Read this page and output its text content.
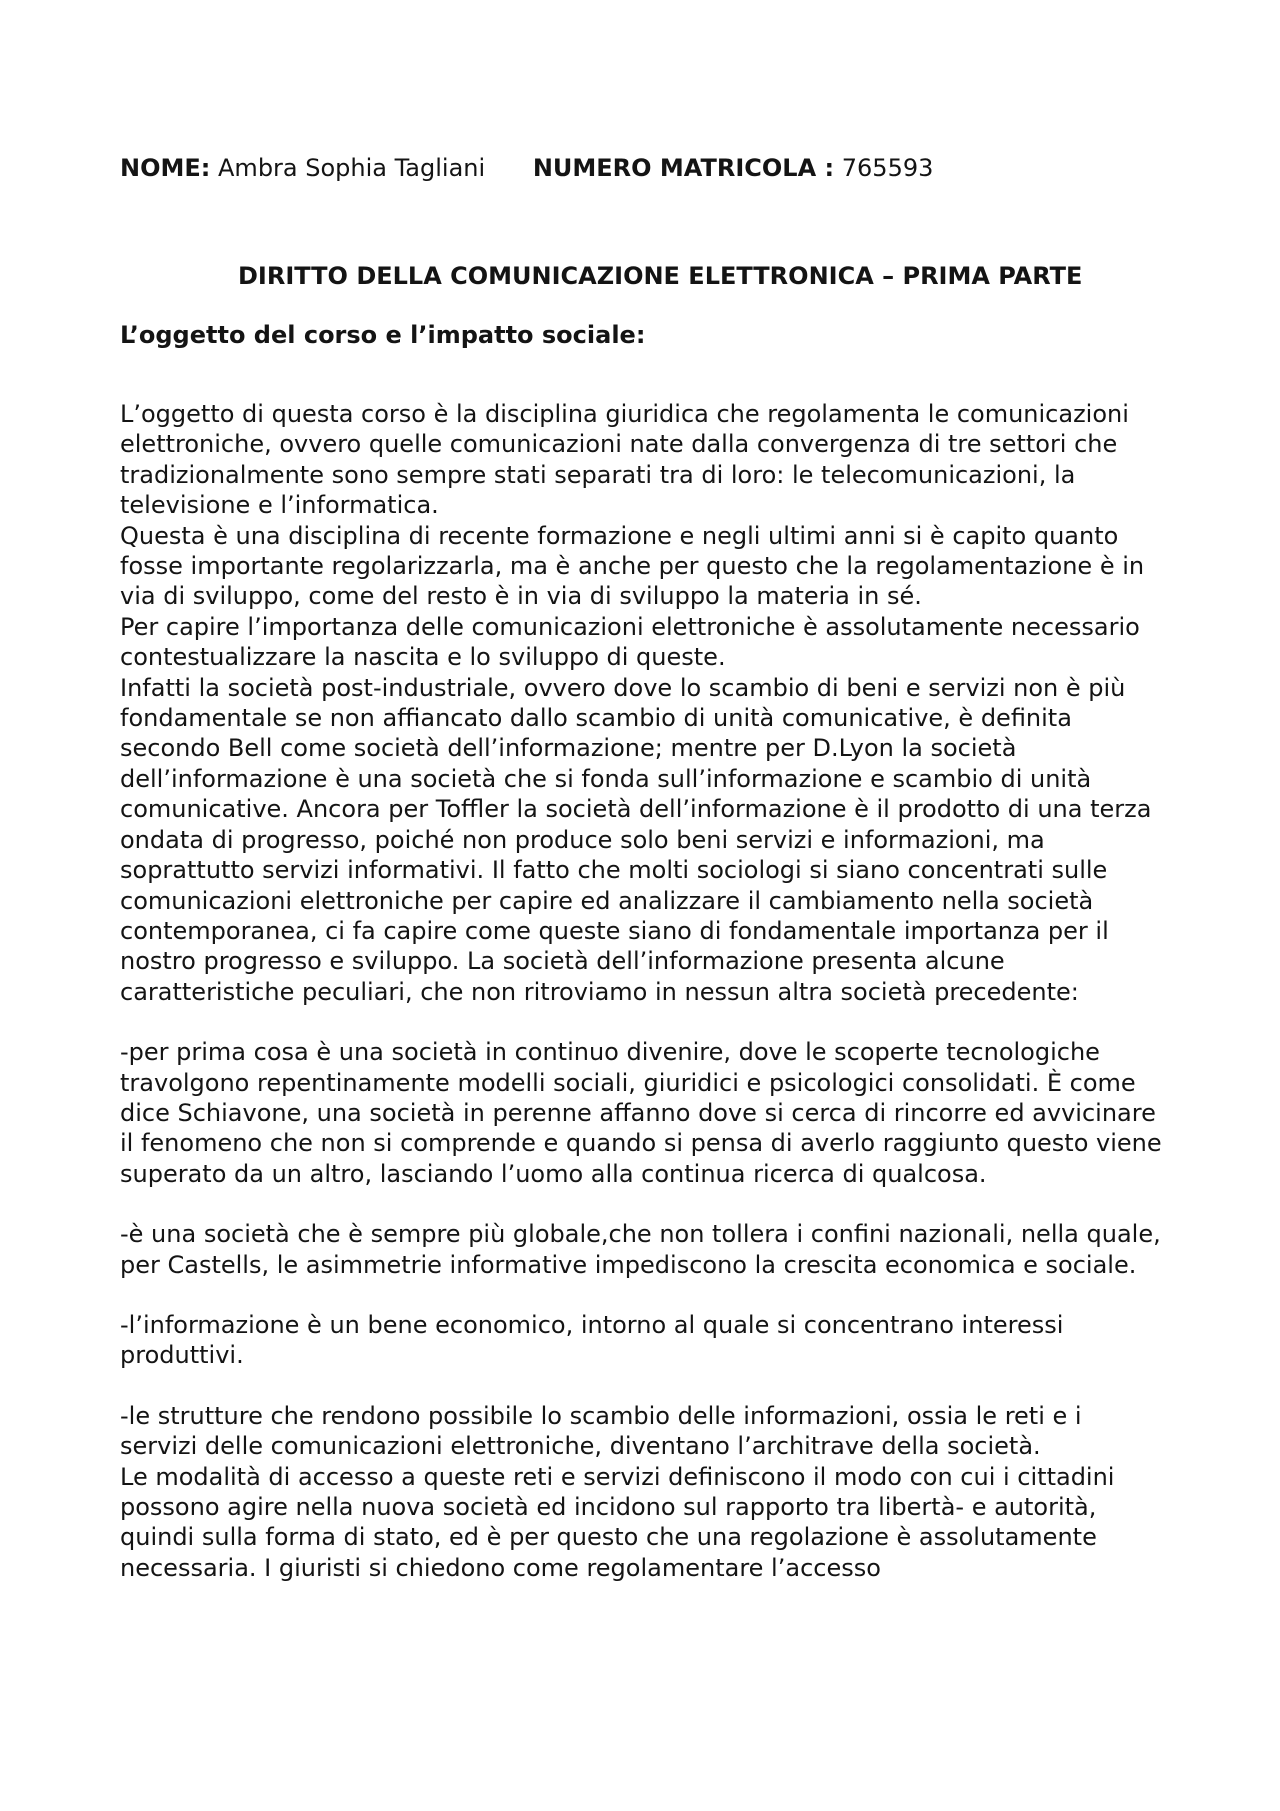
NOME: Ambra Sophia Tagliani NUMERO MATRICOLA : 765593
DIRITTO DELLA COMUNICAZIONE ELETTRONICA – PRIMA PARTE
L’oggetto del corso e l’impatto sociale:

L’oggetto di questa corso è la disciplina giuridica che regolamenta le comunicazioni elettroniche, ovvero quelle comunicazioni nate dalla convergenza di tre settori che tradizionalmente sono sempre stati separati tra di loro: le telecomunicazioni, la televisione e l’informatica.

Questa è una disciplina di recente formazione e negli ultimi anni si è capito quanto fosse importante regolarizzarla, ma è anche per questo che la regolamentazione è in via di sviluppo, come del resto è in via di sviluppo la materia in sé.

Per capire l’importanza delle comunicazioni elettroniche è assolutamente necessario contestualizzare la nascita e lo sviluppo di queste.

Infatti la società post-industriale, ovvero dove lo scambio di beni e servizi non è più fondamentale se non affiancato dallo scambio di unità comunicative, è definita secondo Bell come società dell’informazione; mentre per D.Lyon la società dell’informazione è una società che si fonda sull’informazione e scambio di unità comunicative. Ancora per Toffler la società dell’informazione è il prodotto di una terza ondata di progresso, poiché non produce solo beni servizi e informazioni, ma soprattutto servizi informativi. Il fatto che molti sociologi si siano concentrati sulle comunicazioni elettroniche per capire ed analizzare il cambiamento nella società contemporanea, ci fa capire come queste siano di fondamentale importanza per il nostro progresso e sviluppo. La società dell’informazione presenta alcune caratteristiche peculiari, che non ritroviamo in nessun altra società precedente:

-per prima cosa è una società in continuo divenire, dove le scoperte tecnologiche travolgono repentinamente modelli sociali, giuridici e psicologici consolidati. È come dice Schiavone, una società in perenne affanno dove si cerca di rincorre ed avvicinare il fenomeno che non si comprende e quando si pensa di averlo raggiunto questo viene superato da un altro, lasciando l’uomo alla continua ricerca di qualcosa.

-è una società che è sempre più globale,che non tollera i confini nazionali, nella quale, per Castells, le asimmetrie informative impediscono la crescita economica e sociale.

-l’informazione è un bene economico, intorno al quale si concentrano interessi produttivi.

-le strutture che rendono possibile lo scambio delle informazioni, ossia le reti e i servizi delle comunicazioni elettroniche, diventano l’architrave della società.

Le modalità di accesso a queste reti e servizi definiscono il modo con cui i cittadini possono agire nella nuova società ed incidono sul rapporto tra libertà- e autorità, quindi sulla forma di stato, ed è per questo che una regolazione è assolutamente necessaria. I giuristi si chiedono come regolamentare l’accesso
